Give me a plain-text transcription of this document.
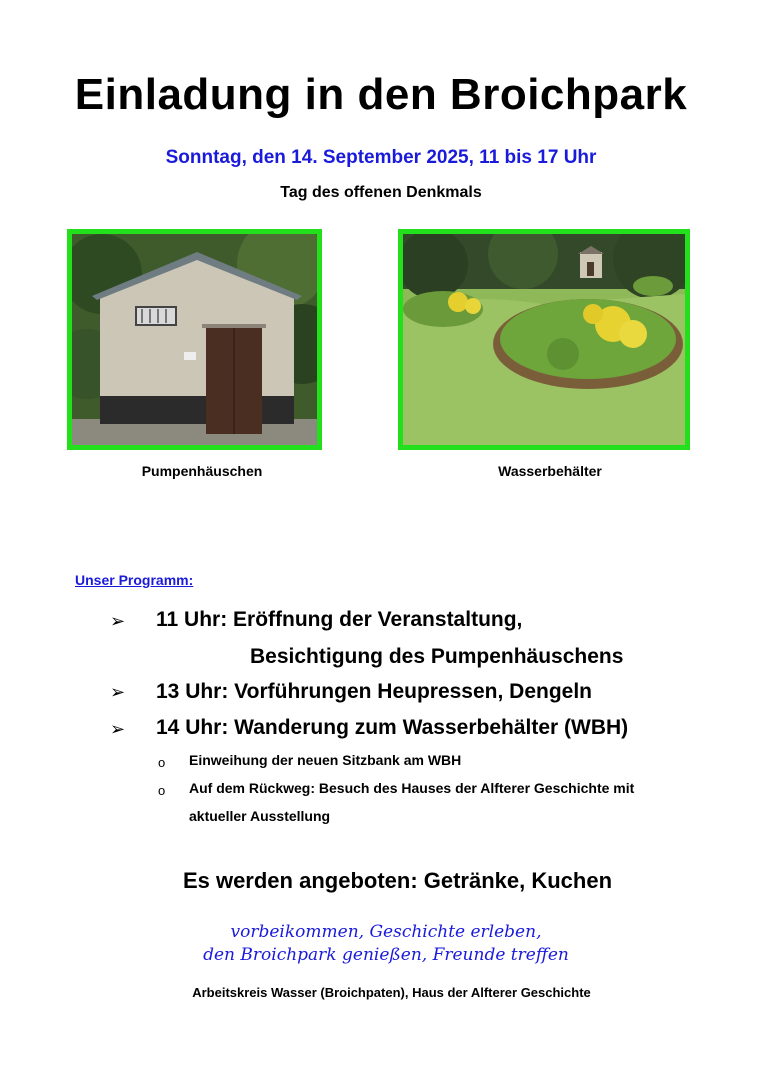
Einladung in den Broichpark
Sonntag, den 14. September 2025, 11 bis 17 Uhr
Tag des offenen Denkmals
Pumpenhäuschen	Wasserbehälter
Unser Programm:
➢ 11 Uhr: Eröffnung der Veranstaltung,
Besichtigung des Pumpenhäuschens
➢ 13 Uhr: Vorführungen Heupressen, Dengeln
➢ 14 Uhr: Wanderung zum Wasserbehälter (WBH)
o Einweihung der neuen Sitzbank am WBH
o Auf dem Rückweg: Besuch des Hauses der Alfterer Geschichte mit
aktueller Ausstellung
Es werden angeboten: Getränke, Kuchen
vorbeikommen, Geschichte erleben,
den Broichpark genießen, Freunde treffen
Arbeitskreis Wasser (Broichpaten), Haus der Alfterer Geschichte
